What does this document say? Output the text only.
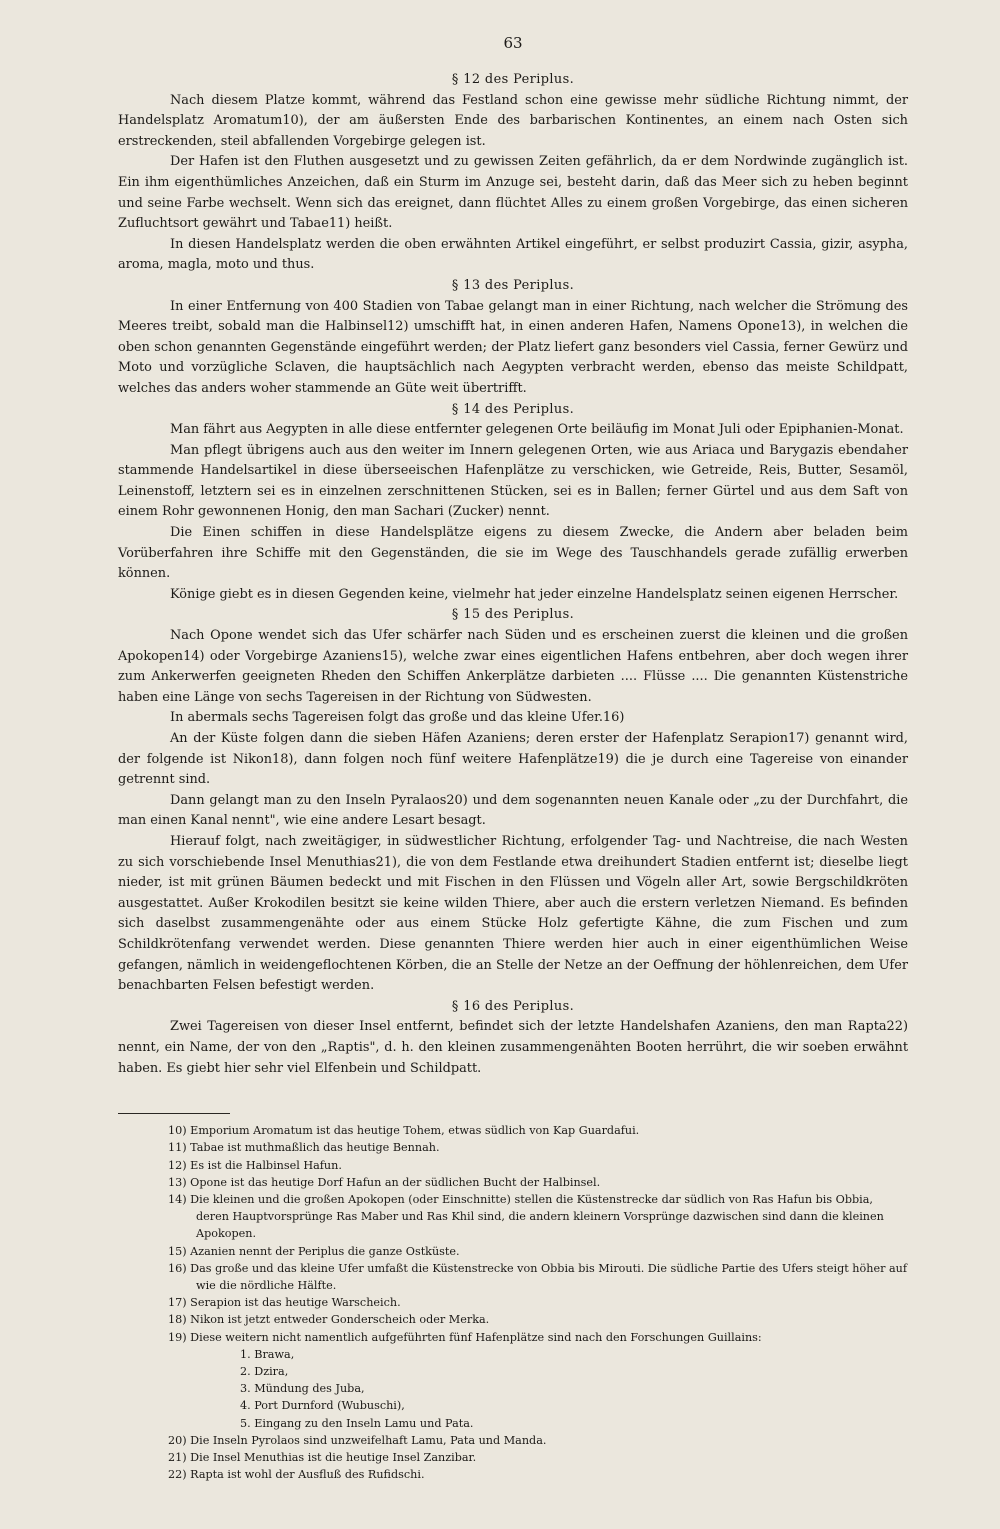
63

§ 12 des Periplus.

Nach diesem Platze kommt, während das Festland schon eine gewisse mehr südliche Richtung nimmt, der Handelsplatz Aromatum10), der am äußersten Ende des barbarischen Kontinentes, an einem nach Osten sich erstreckenden, steil abfallenden Vorgebirge gelegen ist.

Der Hafen ist den Fluthen ausgesetzt und zu gewissen Zeiten gefährlich, da er dem Nordwinde zugänglich ist. Ein ihm eigenthümliches Anzeichen, daß ein Sturm im Anzuge sei, besteht darin, daß das Meer sich zu heben beginnt und seine Farbe wechselt. Wenn sich das ereignet, dann flüchtet Alles zu einem großen Vorgebirge, das einen sicheren Zufluchtsort gewährt und Tabae11) heißt.

In diesen Handelsplatz werden die oben erwähnten Artikel eingeführt, er selbst produzirt Cassia, gizir, asypha, aroma, magla, moto und thus.

§ 13 des Periplus.

In einer Entfernung von 400 Stadien von Tabae gelangt man in einer Richtung, nach welcher die Strömung des Meeres treibt, sobald man die Halbinsel12) umschifft hat, in einen anderen Hafen, Namens Opone13), in welchen die oben schon genannten Gegenstände eingeführt werden; der Platz liefert ganz besonders viel Cassia, ferner Gewürz und Moto und vorzügliche Sclaven, die hauptsächlich nach Aegypten verbracht werden, ebenso das meiste Schildpatt, welches das anders woher stammende an Güte weit übertrifft.

§ 14 des Periplus.

Man fährt aus Aegypten in alle diese entfernter gelegenen Orte beiläufig im Monat Juli oder Epiphanien-Monat.

Man pflegt übrigens auch aus den weiter im Innern gelegenen Orten, wie aus Ariaca und Barygazis ebendaher stammende Handelsartikel in diese überseeischen Hafenplätze zu verschicken, wie Getreide, Reis, Butter, Sesamöl, Leinenstoff, letztern sei es in einzelnen zerschnittenen Stücken, sei es in Ballen; ferner Gürtel und aus dem Saft von einem Rohr gewonnenen Honig, den man Sachari (Zucker) nennt.

Die Einen schiffen in diese Handelsplätze eigens zu diesem Zwecke, die Andern aber beladen beim Vorüberfahren ihre Schiffe mit den Gegenständen, die sie im Wege des Tauschhandels gerade zufällig erwerben können.

Könige giebt es in diesen Gegenden keine, vielmehr hat jeder einzelne Handelsplatz seinen eigenen Herrscher.

§ 15 des Periplus.

Nach Opone wendet sich das Ufer schärfer nach Süden und es erscheinen zuerst die kleinen und die großen Apokopen14) oder Vorgebirge Azaniens15), welche zwar eines eigentlichen Hafens entbehren, aber doch wegen ihrer zum Ankerwerfen geeigneten Rheden den Schiffen Ankerplätze darbieten .... Flüsse .... Die genannten Küstenstriche haben eine Länge von sechs Tagereisen in der Richtung von Südwesten.

In abermals sechs Tagereisen folgt das große und das kleine Ufer.16)

An der Küste folgen dann die sieben Häfen Azaniens; deren erster der Hafenplatz Serapion17) genannt wird, der folgende ist Nikon18), dann folgen noch fünf weitere Hafenplätze19) die je durch eine Tagereise von einander getrennt sind.

Dann gelangt man zu den Inseln Pyralaos20) und dem sogenannten neuen Kanale oder „zu der Durchfahrt, die man einen Kanal nennt", wie eine andere Lesart besagt.

Hierauf folgt, nach zweitägiger, in südwestlicher Richtung, erfolgender Tag- und Nachtreise, die nach Westen zu sich vorschiebende Insel Menuthias21), die von dem Festlande etwa dreihundert Stadien entfernt ist; dieselbe liegt nieder, ist mit grünen Bäumen bedeckt und mit Fischen in den Flüssen und Vögeln aller Art, sowie Bergschildkröten ausgestattet. Außer Krokodilen besitzt sie keine wilden Thiere, aber auch die erstern verletzen Niemand. Es befinden sich daselbst zusammengenähte oder aus einem Stücke Holz gefertigte Kähne, die zum Fischen und zum Schildkrötenfang verwendet werden. Diese genannten Thiere werden hier auch in einer eigenthümlichen Weise gefangen, nämlich in weidengeflochtenen Körben, die an Stelle der Netze an der Oeffnung der höhlenreichen, dem Ufer benachbarten Felsen befestigt werden.

§ 16 des Periplus.

Zwei Tagereisen von dieser Insel entfernt, befindet sich der letzte Handelshafen Azaniens, den man Rapta22) nennt, ein Name, der von den „Raptis", d. h. den kleinen zusammengenähten Booten herrührt, die wir soeben erwähnt haben. Es giebt hier sehr viel Elfenbein und Schildpatt.

10) Emporium Aromatum ist das heutige Tohem, etwas südlich von Kap Guardafui.

11) Tabae ist muthmaßlich das heutige Bennah.

12) Es ist die Halbinsel Hafun.

13) Opone ist das heutige Dorf Hafun an der südlichen Bucht der Halbinsel.

14) Die kleinen und die großen Apokopen (oder Einschnitte) stellen die Küstenstrecke dar südlich von Ras Hafun bis Obbia, deren Hauptvorsprünge Ras Maber und Ras Khil sind, die andern kleinern Vorsprünge dazwischen sind dann die kleinen Apokopen.

15) Azanien nennt der Periplus die ganze Ostküste.

16) Das große und das kleine Ufer umfaßt die Küstenstrecke von Obbia bis Mirouti. Die südliche Partie des Ufers steigt höher auf wie die nördliche Hälfte.

17) Serapion ist das heutige Warscheich.

18) Nikon ist jetzt entweder Gonderscheich oder Merka.

19) Diese weitern nicht namentlich aufgeführten fünf Hafenplätze sind nach den Forschungen Guillains:

1. Brawa,
2. Dzira,
3. Mündung des Juba,
4. Port Durnford (Wubuschi),
5. Eingang zu den Inseln Lamu und Pata.

20) Die Inseln Pyrolaos sind unzweifelhaft Lamu, Pata und Manda.

21) Die Insel Menuthias ist die heutige Insel Zanzibar.

22) Rapta ist wohl der Ausfluß des Rufidschi.
